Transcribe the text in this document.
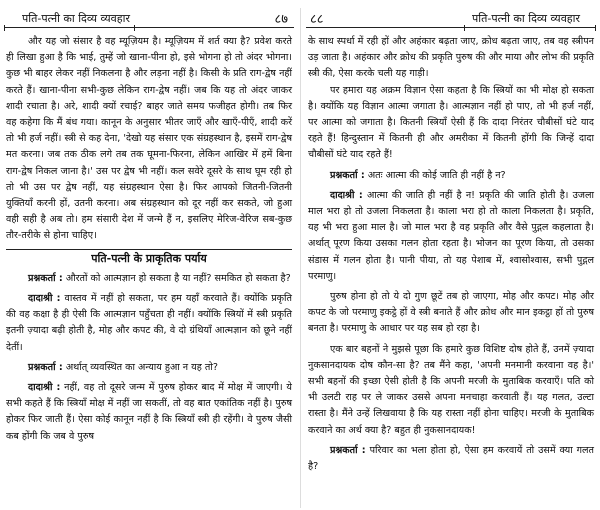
पति-पत्नी का दिव्य व्यवहार	८७

और यह जो संसार है वह म्यूज़ियम है। म्यूज़ियम में शर्त क्या है? प्रवेश करते ही लिखा हुआ है कि भाई, तुम्हें जो खाना-पीना हो, इसे भोगना हो तो अंदर भोगना। कुछ भी बाहर लेकर नहीं निकलना है और लड़ना नहीं है। किसी के प्रति राग-द्वेष नहीं करते हैं। खाना-पीना सभी-कुछ लेकिन राग-द्वेष नहीं। जब कि यह तो अंदर जाकर शादी रचाता है। अरे, शादी क्यों रचाई? बाहर जाते समय फजीहत होगी। तब फिर वह कहेगा कि मैं बंध गया। कानून के अनुसार भीतर जाएँ और खाएँ-पीएँ, शादी करें तो भी हर्ज नहीं। स्त्री से कह देना, 'देखो यह संसार एक संग्रहस्थान है, इसमें राग-द्वेष मत करना। जब तक ठीक लगे तब तक घूमना-फिरना, लेकिन आखिर में हमें बिना राग-द्वेष निकल जाना है।' उस पर द्वेष भी नहीं। कल सवेरे दूसरे के साथ घूम रही हो तो भी उस पर द्वेष नहीं, यह संग्रहस्थान ऐसा है। फिर आपको जितनी-जितनी युक्तियाँ करनी हों, उतनी करना। अब संग्रहस्थान को दूर नहीं कर सकते, जो हुआ वही सही है अब तो। हम संसारी देश में जन्मे हैं न, इसलिए मेरिज-वेरिज सब-कुछ तौर-तरीके से होना चाहिए।

पति-पत्नी के प्राकृतिक पर्याय

प्रश्नकर्ता : औरतों को आत्मज्ञान हो सकता है या नहीं? समकित हो सकता है?

दादाश्री : वास्तव में नहीं हो सकता, पर हम यहाँ करवाते हैं। क्योंकि प्रकृति की वह कक्षा है ही ऐसी कि आत्मज्ञान पहुँचता ही नहीं। क्योंकि स्त्रियों में स्त्री प्रकृति इतनी ज़्यादा बढ़ी होती है, मोह और कपट की, वे दो ग्रंथियाँ आत्मज्ञान को छूने नहीं देतीं।

प्रश्नकर्ता : अर्थात् व्यवस्थित का अन्याय हुआ न यह तो?

दादाश्री : नहीं, वह तो दूसरे जन्म में पुरुष होकर बाद में मोक्ष में जाएगी। ये सभी कहते हैं कि स्त्रियाँ मोक्ष में नहीं जा सकतीं, तो वह बात एकांतिक नहीं है। पुरुष होकर फिर जाती हैं। ऐसा कोई कानून नहीं है कि स्त्रियाँ स्त्री ही रहेंगी। वे पुरुष जैसी कब होंगी कि जब वे पुरुष

८८	पति-पत्नी का दिव्य व्यवहार

के साथ स्पर्धा में रही हों और अहंकार बढ़ता जाए, क्रोध बढ़ता जाए, तब वह स्त्रीपन उड़ जाता है। अहंकार और क्रोध की प्रकृति पुरुष की और माया और लोभ की प्रकृति स्त्री की, ऐसा करके चली यह गाड़ी।

पर हमारा यह अक्रम विज्ञान ऐसा कहता है कि स्त्रियों का भी मोक्ष हो सकता है। क्योंकि यह विज्ञान आत्मा जगाता है। आत्मज्ञान नहीं हो पाए, तो भी हर्ज नहीं, पर आत्मा को जगाता है। कितनी स्त्रियाँ ऐसी हैं कि दादा निरंतर चौबीसों घंटे याद रहते हैं! हिन्दुस्तान में कितनी ही और अमरीका में कितनी होंगी कि जिन्हें दादा चौबीसों घंटे याद रहते हैं!

प्रश्नकर्ता : अतः आत्मा की कोई जाति ही नहीं है न?

दादाश्री : आत्मा की जाति ही नहीं है न! प्रकृति की जाति होती है। उजला माल भरा हो तो उजला निकलता है। काला भरा हो तो काला निकलता है। प्रकृति, यह भी भरा हुआ माल है। जो माल भरा है वह प्रकृति और वैसे पुद्गल कहलाता है। अर्थात् पूरण किया उसका गलन होता रहता है। भोजन का पूरण किया, तो उसका संडास में गलन होता है। पानी पीया, तो यह पेशाब में, श्वासोश्वास, सभी पुद्गल परमाणु।

पुरुष होना हो तो ये दो गुण छूटें तब हो जाएगा, मोह और कपट। मोह और कपट के जो परमाणु इकट्ठे हों वे स्त्री बनाते हैं और क्रोध और मान इकट्ठा हों तो पुरुष बनता है। परमाणु के आधार पर यह सब हो रहा है।

एक बार बहनों ने मुझसे पूछा कि हमारे कुछ विशिष्ट दोष होते हैं, उनमें ज़्यादा नुकसानदायक दोष कौन-सा है? तब मैंने कहा, 'अपनी मनमानी करवाना वह है।' सभी बहनों की इच्छा ऐसी होती है कि अपनी मरजी के मुताबिक करवाएँ। पति को भी उलटी राह पर ले जाकर उससे अपना मनचाहा करवाती हैं। यह गलत, उल्टा रास्ता है। मैंने उन्हें लिखवाया है कि यह रास्ता नहीं होना चाहिए। मरजी के मुताबिक करवाने का अर्थ क्या है? बहुत ही नुकसानदायक!

प्रश्नकर्ता : परिवार का भला होता हो, ऐसा हम करवायें तो उसमें क्या गलत है?
